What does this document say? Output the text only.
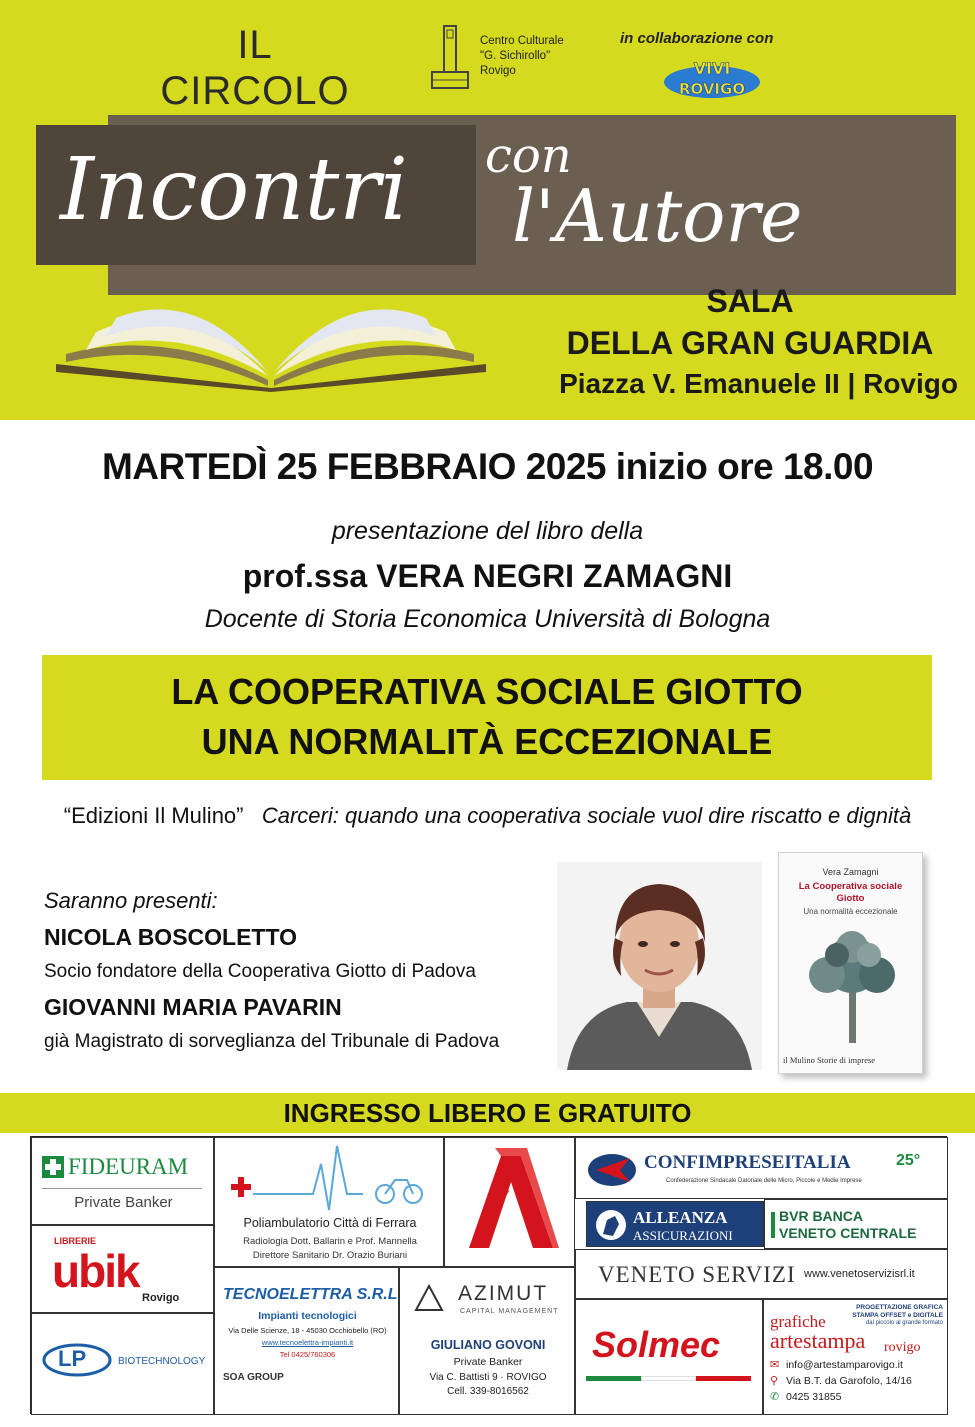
IL CIRCOLO
Centro Culturale
"G. Sichirollo"
Rovigo
in collaborazione con
VIVI
ROVIGO
Incontri con
l'Autore
SALA
DELLA GRAN GUARDIA
Piazza V. Emanuele II | Rovigo
MARTEDÌ 25 FEBBRAIO 2025 inizio ore 18.00
presentazione del libro della
prof.ssa VERA NEGRI ZAMAGNI
Docente di Storia Economica Università di Bologna
LA COOPERATIVA SOCIALE GIOTTO
UNA NORMALITÀ ECCEZIONALE
“Edizioni Il Mulino” Carceri: quando una cooperativa sociale vuol dire riscatto e dignità
Saranno presenti:
NICOLA BOSCOLETTO
Socio fondatore della Cooperativa Giotto di Padova
GIOVANNI MARIA PAVARIN
già Magistrato di sorveglianza del Tribunale di Padova
Vera Zamagni
La Cooperativa sociale
Giotto
Una normalità eccezionale
il Mulino Storie di imprese
INGRESSO LIBERO E GRATUITO
FIDEURAM
Private Banker
LIBRERIE
ubik
Rovigo
LP	BIOTECHNOLOGY
Poliambulatorio Città di Ferrara
Radiologia Dott. Ballarin e Prof. Mannella
Direttore Sanitario Dr. Orazio Buriani
TECNOELETTRA S.R.L
Impianti tecnologici
Via Delle Scienze, 18 - 45030 Occhiobello (RO)
www.tecnoelettra-impianti.it
Tel 0425/760306
SOA GROUP
AREA ARTE
AZIMUT
CAPITAL MANAGEMENT
GIULIANO GOVONI
Private Banker
Via C. Battisti 9 · ROVIGO
Cell. 339-8016562
CONFIMPRESEITALIA
Confederazione Sindacale Datoriale delle Micro, Piccole e Medie Imprese
25°
ALLEANZA
ASSICURAZIONI
BVR BANCA
VENETO CENTRALE
VENETO SERVIZI www.venetoservizisrl.it
Solmec
PROGETTAZIONE GRAFICA
STAMPA OFFSET e DIGITALE
dal piccolo al grande formato
grafiche
artestampa rovigo
✉ info@artestamparovigo.it
⚲ Via B.T. da Garofolo, 14/16
✆ 0425 31855
